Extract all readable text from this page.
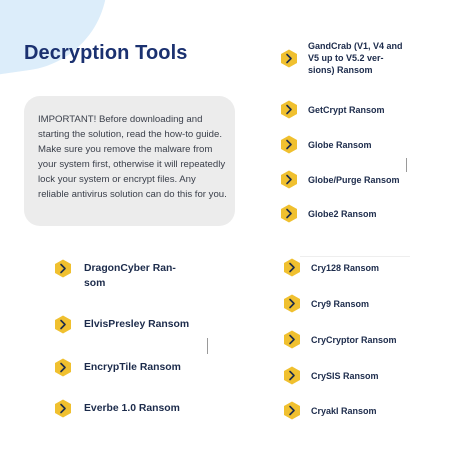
Decryption Tools
IMPORTANT! Before downloading and starting the solution, read the how-to guide. Make sure you remove the malware from your system first, otherwise it will repeatedly lock your system or encrypt files. Any reliable antivirus solution can do this for you.
GandCrab (V1, V4 and V5 up to V5.2 ver-sions) Ransom
GetCrypt Ransom
Globe Ransom
Globe/Purge Ransom
Globe2 Ransom
DragonCyber Ran-som
ElvisPresley Ransom
EncrypTile Ransom
Everbe 1.0 Ransom
Cry128 Ransom
Cry9 Ransom
CryCryptor Ransom
CrySIS Ransom
CryakI Ransom
